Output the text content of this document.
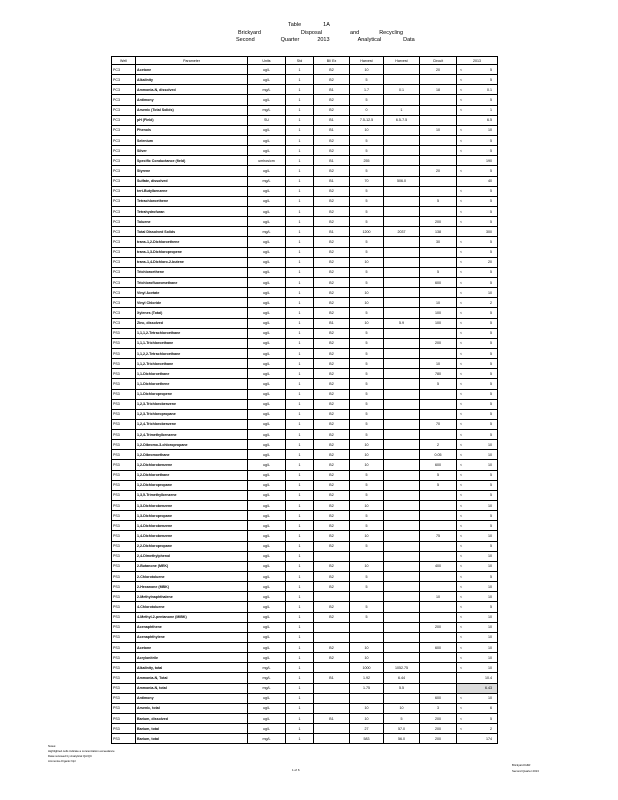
Table	1A
Brickyard	Disposal	and	Recycling
Second	Quarter	2013	Analytical	Data
Well	Parameter	Units	Std	BI/ Ex	Harvest	Harvest	Circuit	2013
PC3	Acetone	ug/L	1	B2	10		20	< 5

PC3	Alkalinity	ug/L	1	B2	5			< 5

PC3	Ammonia-N, dissolved	mg/L	1	B1	1.7	0.1	18	< 0.1

PC3	Antimony	ug/L	1	B2	5			< 5

PC3	Arsenic (Total Solids)	mg/L	1	B2	0	1		< 1

PC3	pH (Field)	SU	1	B1	7.5-12.5	6.5-7.5		6.5

PC3	Phenols	ug/L	1	B1	10		10	< 10

PC3	Selenium	ug/L	1	B2	5			< 5

PC3	Silver	ug/L	1	B2	5			< 5

PC3	Specific Conductance (field)	umhos/cm	1	B1	255			190

PC3	Styrene	ug/L	1	B2	5		20	< 5

PC3	Sulfate, dissolved	mg/L	1	B1	70	506.0		40

PC3	tert-Butylbenzene	ug/L	1	B2	5			< 5

PC3	Tetrachloroethene	ug/L	1	B2	5		5	< 5

PC3	Tetrahydrofuran	ug/L	1	B2	5			< 5

PC3	Toluene	ug/L	1	B2	5		200	< 5

PC3	Total Dissolved Solids	mg/L	1	B1	1200	2037	138	300

PC3	trans-1,2-Dichloroethene	ug/L	1	B2	5		30	< 5

PC3	trans-1,3-Dichloropropene	ug/L	1	B2	5			< 5

PC3	trans-1,4-Dichloro-2-butene	ug/L	1	B2	10			< 20

PC3	Trichloroethene	ug/L	1	B2	5		5	< 5

PC3	Trichlorofluoromethane	ug/L	1	B2	5		600	< 5

PC3	Vinyl Acetate	ug/L	1	B2	10			< 10

PC3	Vinyl Chloride	ug/L	1	B2	10		10	< 2

PC3	Xylenes (Total)	ug/L	1	B2	5		100	< 5

PC3	Zinc, dissolved	ug/L	1	B1	10	5.9	100	< 5

PS3	1,1,1,2-Tetrachloroethane	ug/L	1	B2	5			< 5

PS3	1,1,1-Trichloroethane	ug/L	1	B2	5		200	< 5

PS3	1,1,2,2-Tetrachloroethane	ug/L	1	B2	5			< 5

PS3	1,1,2-Trichloroethane	ug/L	1	B2	5		10	< 5

PS3	1,1-Dichloroethane	ug/L	1	B2	5		780	< 5

PS3	1,1-Dichloroethene	ug/L	1	B2	5		5	< 5

PS3	1,1-Dichloropropene	ug/L	1	B2	5			< 5

PS3	1,2,3-Trichlorobenzene	ug/L	1	B2	5			< 5

PS3	1,2,3-Trichloropropane	ug/L	1	B2	5			< 5

PS3	1,2,4-Trichlorobenzene	ug/L	1	B2	5		70	< 5

PS3	1,2,4-Trimethylbenzene	ug/L	1	B2	5			< 5

PS3	1,2-Dibromo-3-chloropropane	ug/L	1	B2	10		2	< 10

PS3	1,2-Dibromoethane	ug/L	1	B2	10		0.05	< 10

PS3	1,2-Dichlorobenzene	ug/L	1	B2	10		600	< 10

PS3	1,2-Dichloroethane	ug/L	1	B2	5		5	< 5

PS3	1,2-Dichloropropane	ug/L	1	B2	5		5	< 5

PS3	1,3,5-Trimethylbenzene	ug/L	1	B2	5			< 5

PS3	1,3-Dichlorobenzene	ug/L	1	B2	10			< 10

PS3	1,3-Dichloropropane	ug/L	1	B2	5			< 5

PS3	1,4-Dichlorobenzene	ug/L	1	B2	5			< 5

PS3	1,4-Dichlorobenzene	ug/L	1	B2	10		75	< 10

PS3	2,2-Dichloropropane	ug/L	1	B2	5			< 5

PS3	2,4-Dimethylphenol	ug/L	1					< 10

PS3	2-Butanone (MEK)	ug/L	1	B2	10		400	< 10

PS3	2-Chlorotoluene	ug/L	1	B2	5			< 5

PS3	2-Hexanone (MBK)	ug/L	1	B2	5			< 10

PS3	2-Methylnaphthalene	ug/L	1				10	< 10

PS3	4-Chlorotoluene	ug/L	1	B2	5			< 5

PS3	4-Methyl-2-pentanone (MIBK)	ug/L	1	B2	5			< 10

PS3	Acenaphthene	ug/L	1				200	< 10

PS3	Acenaphthylene	ug/L	1					< 10

PS3	Acetone	ug/L	1	B2	10		600	< 10

PS3	Acrylonitrile	ug/L	1	B2	10			< 10

PS3	Alkalinity, total	mg/L	1		1000	1052.75		< 10

PS3	Ammonia-N, Total	mg/L	1	B1	1.92	6.44		10.4

PS3	Ammonia-N, total	mg/L	1		1.75	5.5		6.43

PS3	Antimony	ug/L	1				600	< 10

PS3	Arsenic, total	ug/L	1		10	10	3	< 6

PS3	Barium, dissolved	ug/L	1	B1	10	5	200	< 5

PS3	Barium, total	ug/L	1		27	57.0	200	< 2

PS3	Barium, total	mg/L	1		583	56.0	200	174
Notes:
Highlighted cells indicate a concentration exceedance
Data reviewed by Analytical QA/QC
Ammonia-Organic Npl
1 of 6
Brickyard D&R
Second Quarter 2013
